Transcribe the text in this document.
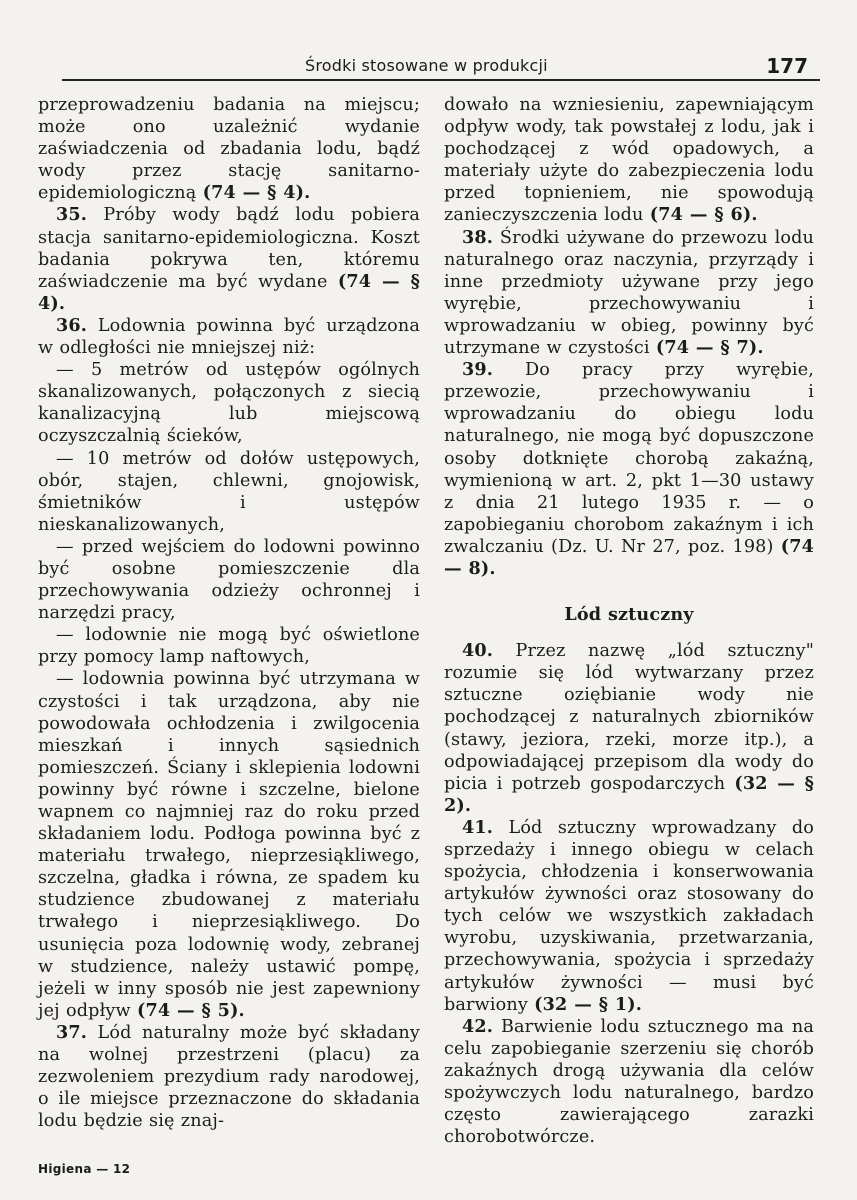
Środki stosowane w produkcji	177

przeprowadzeniu badania na miejscu; może ono uzależnić wydanie zaświadczenia od zbadania lodu, bądź wody przez stację sanitarno-epidemiologiczną (74 — § 4).

35. Próby wody bądź lodu pobiera stacja sanitarno-epidemiologiczna. Koszt badania pokrywa ten, któremu zaświadczenie ma być wydane (74 — § 4).

36. Lodownia powinna być urządzona w odległości nie mniejszej niż:

— 5 metrów od ustępów ogólnych skanalizowanych, połączonych z siecią kanalizacyjną lub miejscową oczyszczalnią ścieków,

— 10 metrów od dołów ustępowych, obór, stajen, chlewni, gnojowisk, śmietników i ustępów nieskanalizowanych,

— przed wejściem do lodowni powinno być osobne pomieszczenie dla przechowywania odzieży ochronnej i narzędzi pracy,

— lodownie nie mogą być oświetlone przy pomocy lamp naftowych,

— lodownia powinna być utrzymana w czystości i tak urządzona, aby nie powodowała ochłodzenia i zwilgocenia mieszkań i innych sąsiednich pomieszczeń. Ściany i sklepienia lodowni powinny być równe i szczelne, bielone wapnem co najmniej raz do roku przed składaniem lodu. Podłoga powinna być z materiału trwałego, nieprzesiąkliwego, szczelna, gładka i równa, ze spadem ku studzience zbudowanej z materiału trwałego i nieprzesiąkliwego. Do usunięcia poza lodownię wody, zebranej w studzience, należy ustawić pompę, jeżeli w inny sposób nie jest zapewniony jej odpływ (74 — § 5).

37. Lód naturalny może być składany na wolnej przestrzeni (placu) za zezwoleniem prezydium rady narodowej, o ile miejsce przeznaczone do składania lodu będzie się znaj-

dowało na wzniesieniu, zapewniającym odpływ wody, tak powstałej z lodu, jak i pochodzącej z wód opadowych, a materiały użyte do zabezpieczenia lodu przed topnieniem, nie spowodują zanieczyszczenia lodu (74 — § 6).

38. Środki używane do przewozu lodu naturalnego oraz naczynia, przyrządy i inne przedmioty używane przy jego wyrębie, przechowywaniu i wprowadzaniu w obieg, powinny być utrzymane w czystości (74 — § 7).

39. Do pracy przy wyrębie, przewozie, przechowywaniu i wprowadzaniu do obiegu lodu naturalnego, nie mogą być dopuszczone osoby dotknięte chorobą zakaźną, wymienioną w art. 2, pkt 1—30 ustawy z dnia 21 lutego 1935 r. — o zapobieganiu chorobom zakaźnym i ich zwalczaniu (Dz. U. Nr 27, poz. 198) (74 — 8).

Lód sztuczny

40. Przez nazwę „lód sztuczny" rozumie się lód wytwarzany przez sztuczne oziębianie wody nie pochodzącej z naturalnych zbiorników (stawy, jeziora, rzeki, morze itp.), a odpowiadającej przepisom dla wody do picia i potrzeb gospodarczych (32 — § 2).

41. Lód sztuczny wprowadzany do sprzedaży i innego obiegu w celach spożycia, chłodzenia i konserwowania artykułów żywności oraz stosowany do tych celów we wszystkich zakładach wyrobu, uzyskiwania, przetwarzania, przechowywania, spożycia i sprzedaży artykułów żywności — musi być barwiony (32 — § 1).

42. Barwienie lodu sztucznego ma na celu zapobieganie szerzeniu się chorób zakaźnych drogą używania dla celów spożywczych lodu naturalnego, bardzo często zawierającego zarazki chorobotwórcze.

Higiena — 12
